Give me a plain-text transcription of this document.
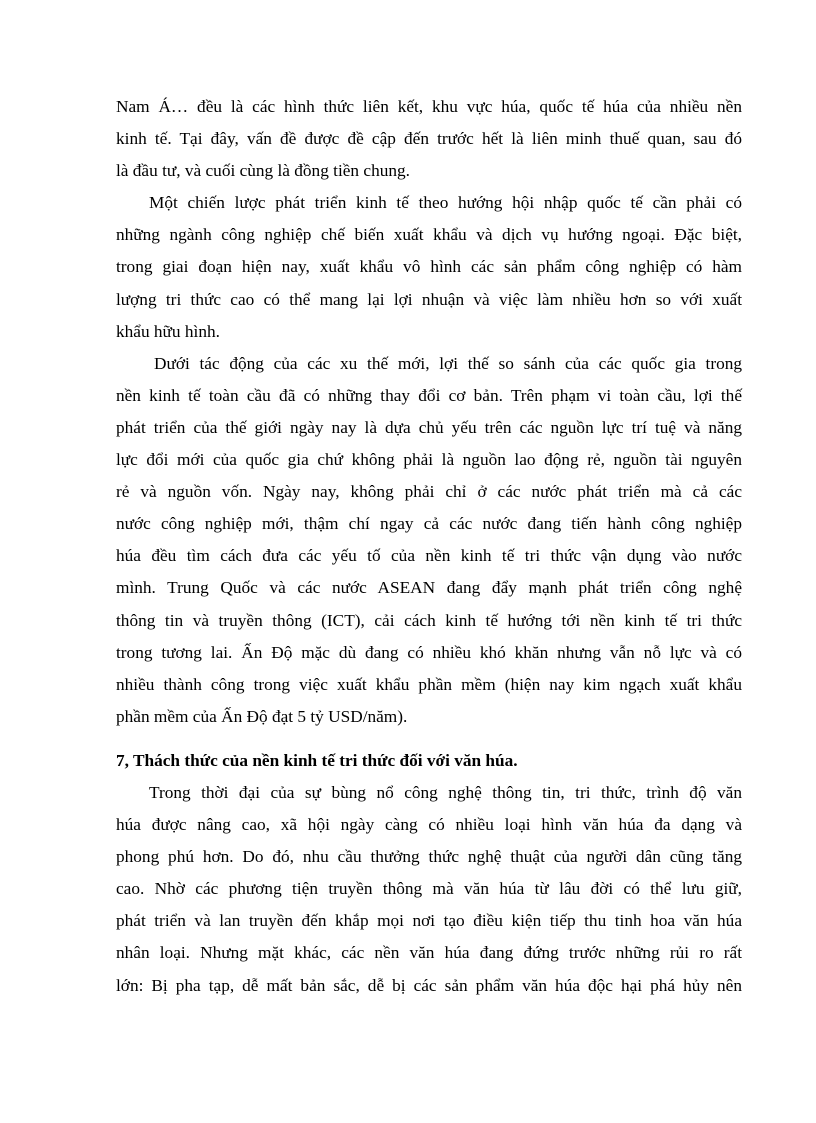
Nam Á… đều là các hình thức liên kết, khu vực húa, quốc tế húa của nhiều nền
kinh tế. Tại đây, vấn đề được đề cập đến trước hết là liên minh thuế quan, sau đó
là đầu tư, và cuối cùng là đồng tiền chung.
Một chiến lược phát triển kinh tế theo hướng hội nhập quốc tế cần phải có
những ngành công nghiệp chế biến xuất khẩu và dịch vụ hướng ngoại. Đặc biệt,
trong giai đoạn hiện nay, xuất khẩu vô hình các sản phẩm công nghiệp có hàm
lượng tri thức cao có thể mang lại lợi nhuận và việc làm nhiều hơn so với xuất
khẩu hữu hình.
Dưới tác động của các xu thế mới, lợi thế so sánh của các quốc gia trong
nền kinh tế toàn cầu đã có những thay đổi cơ bản. Trên phạm vi toàn cầu, lợi thế
phát triển của thế giới ngày nay là dựa chủ yếu trên các nguồn lực trí tuệ và năng
lực đổi mới của quốc gia chứ không phải là nguồn lao động rẻ, nguồn tài nguyên
rẻ và nguồn vốn. Ngày nay, không phải chỉ ở các nước phát triển mà cả các
nước công nghiệp mới, thậm chí ngay cả các nước đang tiến hành công nghiệp
húa đều tìm cách đưa các yếu tố của nền kinh tế tri thức vận dụng vào nước
mình. Trung Quốc và các nước ASEAN đang đẩy mạnh phát triển công nghệ
thông tin và truyền thông (ICT), cải cách kinh tế hướng tới nền kinh tế tri thức
trong tương lai. Ấn Độ mặc dù đang có nhiều khó khăn nhưng vẫn nỗ lực và có
nhiều thành công trong việc xuất khẩu phần mềm (hiện nay kim ngạch xuất khẩu
phần mềm của Ấn Độ đạt 5 tỷ USD/năm).
7, Thách thức của nền kinh tế tri thức đối với văn húa.
Trong thời đại của sự bùng nổ công nghệ thông tin, tri thức, trình độ văn
húa được nâng cao, xã hội ngày càng có nhiều loại hình văn húa đa dạng và
phong phú hơn. Do đó, nhu cầu thưởng thức nghệ thuật của người dân cũng tăng
cao. Nhờ các phương tiện truyền thông mà văn húa từ lâu đời có thể lưu giữ,
phát triển và lan truyền đến khắp mọi nơi tạo điều kiện tiếp thu tinh hoa văn húa
nhân loại. Nhưng mặt khác, các nền văn húa đang đứng trước những rủi ro rất
lớn: Bị pha tạp, dễ mất bản sắc, dễ bị các sản phẩm văn húa độc hại phá hủy nên
